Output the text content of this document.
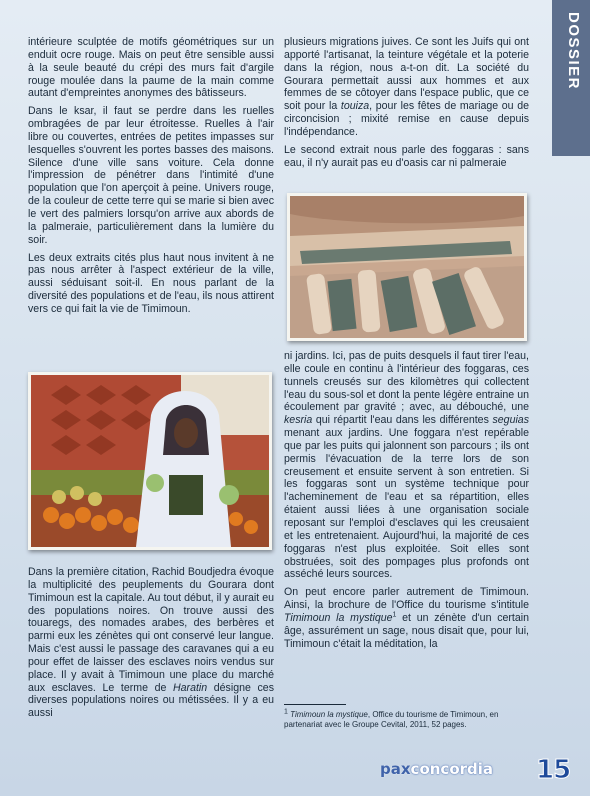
DOSSIER

intérieure sculptée de motifs géométriques sur un enduit ocre rouge. Mais on peut être sensible aussi à la seule beauté du crépi des murs fait d'argile rouge moulée dans la paume de la main comme autant d'empreintes anonymes des bâtisseurs.

Dans le ksar, il faut se perdre dans les ruelles ombragées de par leur étroitesse. Ruelles à l'air libre ou couvertes, entrées de petites impasses sur lesquelles s'ouvrent les portes basses des maisons. Silence d'une ville sans voiture. Cela donne l'impression de pénétrer dans l'intimité d'une population que l'on aperçoit à peine. Univers rouge, de la couleur de cette terre qui se marie si bien avec le vert des palmiers lorsqu'on arrive aux abords de la palmeraie, particulièrement dans la lumière du soir.

Les deux extraits cités plus haut nous invitent à ne pas nous arrêter à l'aspect extérieur de la ville, aussi séduisant soit-il. En nous parlant de la diversité des populations et de l'eau, ils nous attirent vers ce qui fait la vie de Timimoun.

Dans la première citation, Rachid Boudjedra évoque la multiplicité des peuplements du Gourara dont Timimoun est la capitale. Au tout début, il y aurait eu des populations noires. On trouve aussi des touaregs, des nomades arabes, des berbères et parmi eux les zénètes qui ont conservé leur langue. Mais c'est aussi le passage des caravanes qui a eu pour effet de laisser des esclaves noirs vendus sur place. Il y avait à Timimoun une place du marché aux esclaves. Le terme de Haratin désigne ces diverses populations noires ou métissées. Il y a eu aussi

plusieurs migrations juives. Ce sont les Juifs qui ont apporté l'artisanat, la teinture végétale et la poterie dans la région, nous a-t-on dit. La société du Gourara permettait aussi aux hommes et aux femmes de se côtoyer dans l'espace public, que ce soit pour la touiza, pour les fêtes de mariage ou de circoncision ; mixité remise en cause depuis l'indépendance.

Le second extrait nous parle des foggaras : sans eau, il n'y aurait pas eu d'oasis car ni palmeraie

ni jardins. Ici, pas de puits desquels il faut tirer l'eau, elle coule en continu à l'intérieur des foggaras, ces tunnels creusés sur des kilomètres qui collectent l'eau du sous-sol et dont la pente légère entraine un écoulement par gravité ; avec, au débouché, une kesria qui répartit l'eau dans les différentes seguias menant aux jardins. Une foggara n'est repérable que par les puits qui jalonnent son parcours ; ils ont permis l'évacuation de la terre lors de son creusement et ensuite servent à son entretien. Si les foggaras sont un système technique pour l'acheminement de l'eau et sa répartition, elles étaient aussi liées à une organisation sociale reposant sur l'emploi d'esclaves qui les creusaient et les entretenaient. Aujourd'hui, la majorité de ces foggaras n'est plus exploitée. Soit elles sont obstruées, soit des pompages plus profonds ont asséché leurs sources.

On peut encore parler autrement de Timimoun. Ainsi, la brochure de l'Office du tourisme s'intitule Timimoun la mystique$^1$ et un zénète d'un certain âge, assurément un sage, nous disait que, pour lui, Timimoun c'était la méditation, la

$^1$ Timimoun la mystique, Office du tourisme de Timimoun, en partenariat avec le Groupe Cevital, 2011, 52 pages.
paxconcordia	15
